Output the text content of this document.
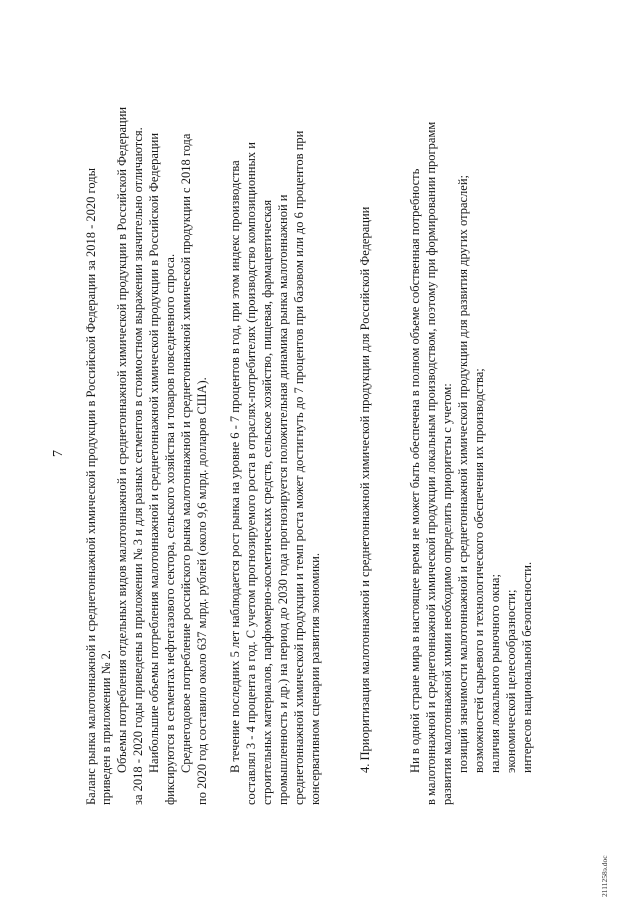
7 Баланс рынка малотоннажной и среднетоннажной химической продукции в Российской Федерации за 2018 - 2020 годы приведен в приложении № 2. Объемы потребления отдельных видов малотоннажной и среднетоннажной химической продукции в Российской Федерации за 2018 - 2020 годы приведены в приложении № 3 и для разных сегментов в стоимостном выражении значительно отличаются. Наибольшие объемы потребления малотоннажной и среднетоннажной химической продукции в Российской Федерации фиксируются в сегментах нефтегазового сектора, сельского хозяйства и товаров повседневного спроса. Среднегодовое потребление российского рынка малотоннажной и среднетоннажной химической продукции с 2018 года по 2020 год составило около 637 млрд. рублей (около 9,6 млрд. долларов США). В течение последних 5 лет наблюдается рост рынка на уровне 6 - 7 процентов в год, при этом индекс производства составлял 3 - 4 процента в год. С учетом прогнозируемого роста в отраслях-потребителях (производство композиционных и строительных материалов, парфюмерно-косметических средств, сельское хозяйство, пищевая, фармацевтическая промышленность и др.) на период до 2030 года прогнозируется положительная динамика рынка малотоннажной и среднетоннажной химической продукции и темп роста может достигнуть до 7 процентов при базовом или до 6 процентов при консервативном сценарии развития экономики.	4. Приоритизация малотоннажной и среднетоннажной химической продукции для Российской Федерации	Ни в одной стране мира в настоящее время не может быть обеспечена в полном объеме собственная потребность в малотоннажной и среднетоннажной химической продукции локальным производством, поэтому при формировании программ развития малотоннажной химии необходимо определить приоритеты с учетом: позиций значимости малотоннажной и среднетоннажной химической продукции для развития других отраслей; возможностей сырьевого и технологического обеспечения их производства; наличия локального рыночного окна; экономической целесообразности; интересов национальной безопасности.
2111258э.doc
